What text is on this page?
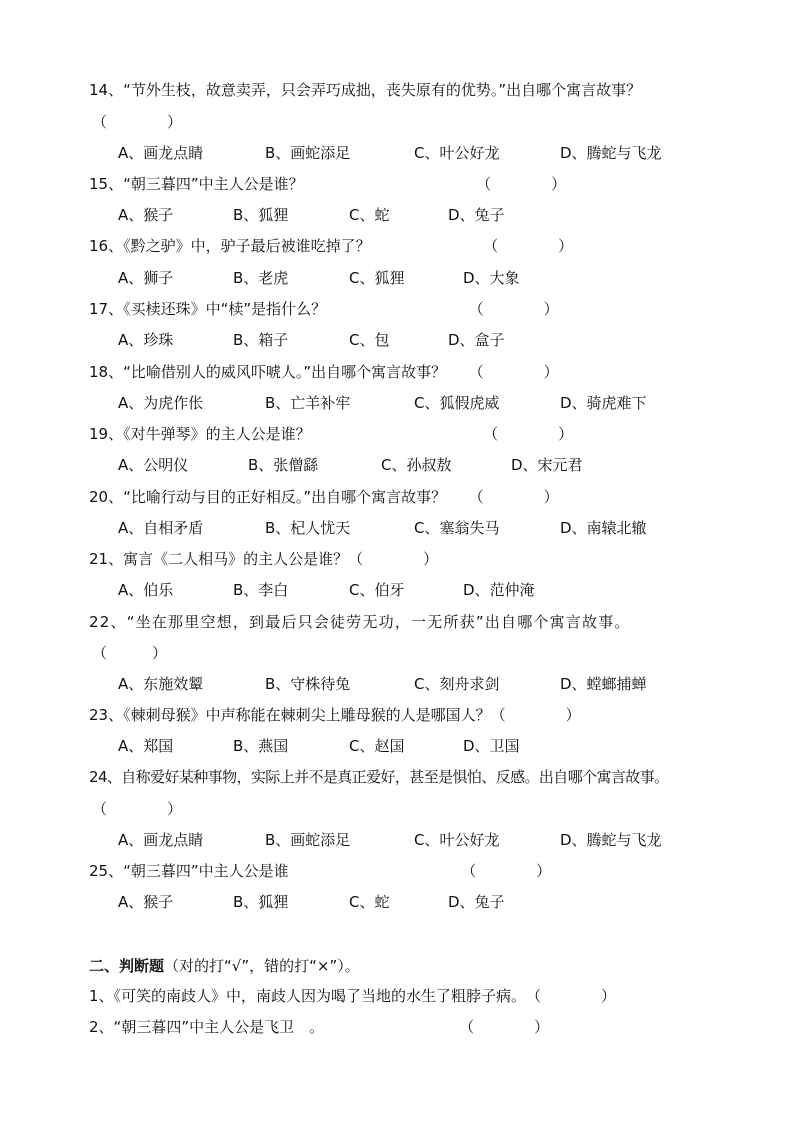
14、“节外生枝，故意卖弄，只会弄巧成拙，丧失原有的优势。”出自哪个寓言故事？
（　　　　）
A、画龙点睛	B、画蛇添足	C、叶公好龙	D、腾蛇与飞龙
15、“朝三暮四”中主人公是谁？　　　　　　　　　　　　（　　　　）
A、猴子	B、狐狸	C、蛇	D、兔子
16、《黔之驴》中，驴子最后被谁吃掉了？　　　　　　　　（　　　　）
A、狮子	B、老虎	C、狐狸	D、大象
17、《买椟还珠》中“椟”是指什么？　　　　　　　　　　（　　　　）
A、珍珠	B、箱子	C、包	D、盒子
18、“比喻借别人的威风吓唬人。”出自哪个寓言故事？　　（　　　　）
A、为虎作伥	B、亡羊补牢	C、狐假虎威	D、骑虎难下
19、《对牛弹琴》的主人公是谁？　　　　　　　　　　　　（　　　　）
A、公明仪	B、张僧繇	C、孙叔敖	D、宋元君
20、“比喻行动与目的正好相反。”出自哪个寓言故事？　　（　　　　）
A、自相矛盾	B、杞人忧天	C、塞翁失马	D、南辕北辙
21、寓言《二人相马》的主人公是谁？（　　　　）
A、伯乐	B、李白	C、伯牙	D、范仲淹
22、“坐在那里空想，到最后只会徒劳无功，一无所获”出自哪个寓言故事。
（　　　）
A、东施效颦	B、守株待兔	C、刻舟求剑	D、螳螂捕蝉
23、《棘刺母猴》中声称能在棘刺尖上雕母猴的人是哪国人？（　　　　）
A、郑国	B、燕国	C、赵国	D、卫国
24、自称爱好某种事物，实际上并不是真正爱好，甚至是惧怕、反感。出自哪个寓言故事。
（　　　　）
A、画龙点睛	B、画蛇添足	C、叶公好龙	D、腾蛇与飞龙
25、“朝三暮四”中主人公是谁　　　　　　　　　　　　（　　　　）
A、猴子	B、狐狸	C、蛇	D、兔子
二、判断题（对的打“√”，错的打“×”）。
1、《可笑的南歧人》中，南歧人因为喝了当地的水生了粗脖子病。　（　　　　）
2、“朝三暮四”中主人公是飞卫　。　　　　　　　　　　（　　　　）
